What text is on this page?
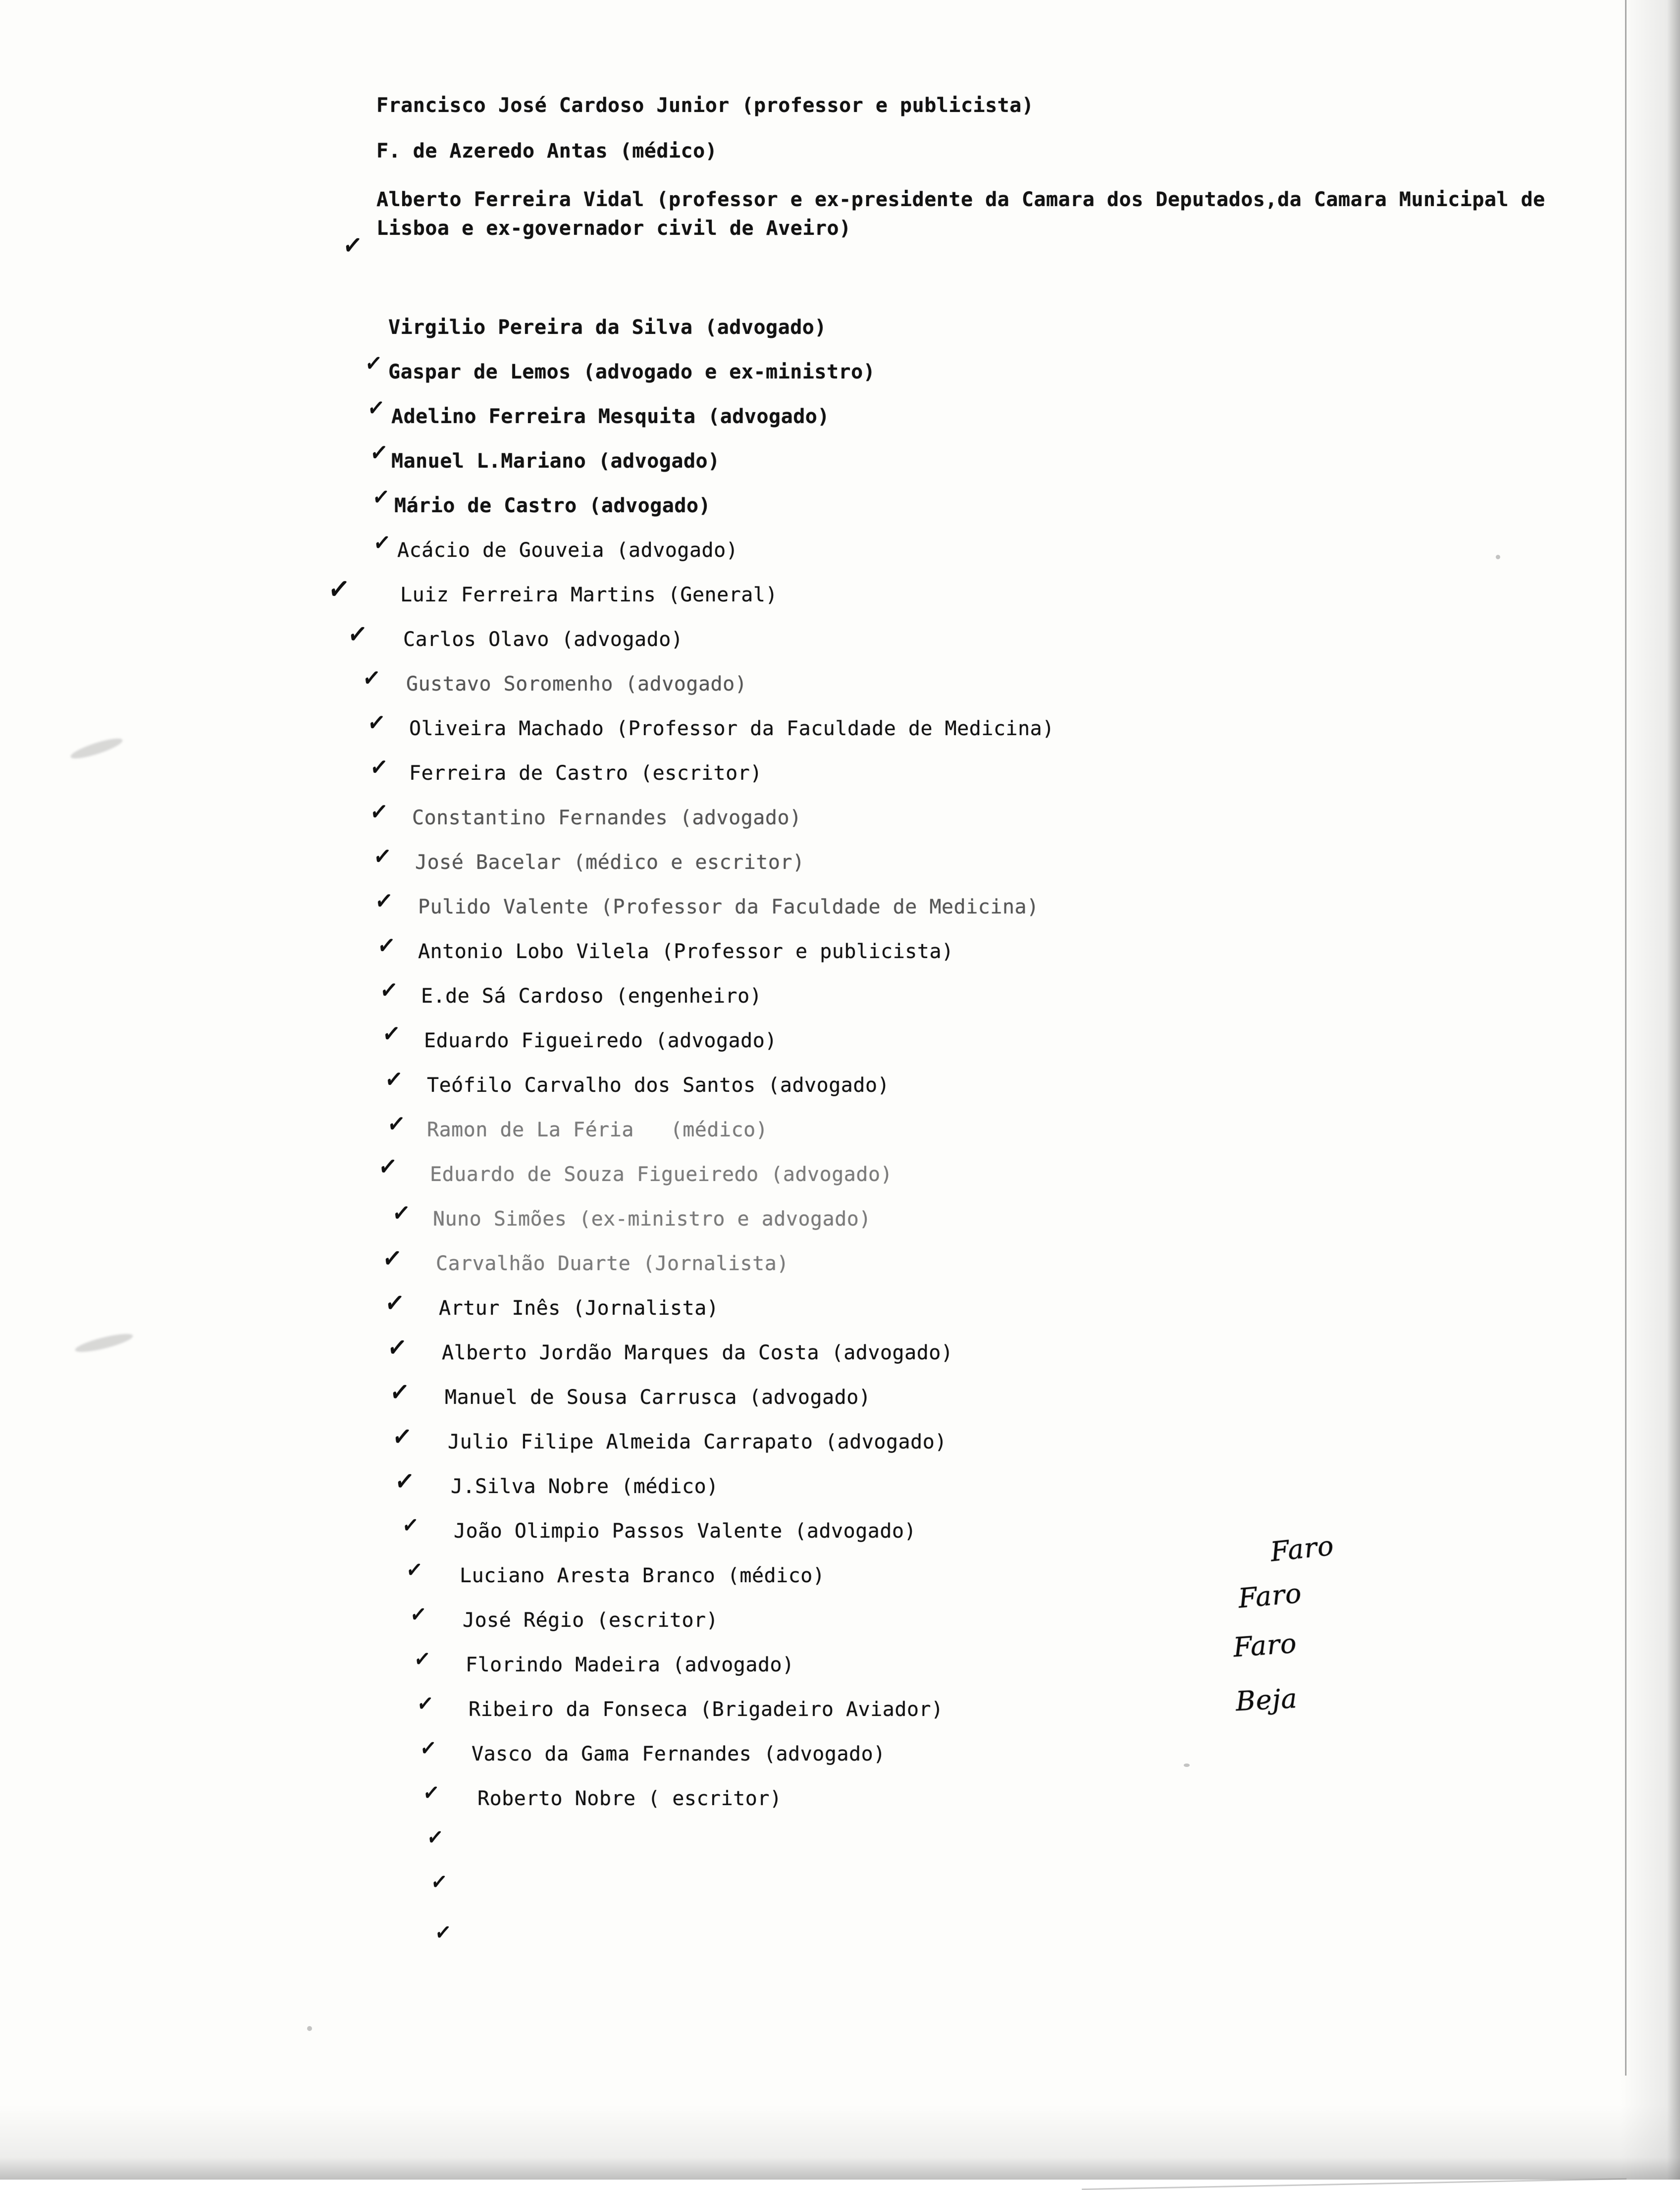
Francisco José Cardoso Junior (professor e publicista)
F. de Azeredo Antas (médico)
Alberto Ferreira Vidal (professor e ex-presidente da Camara dos Deputados,da Camara Municipal de Lisboa e ex-governador civil de Aveiro)
Virgilio Pereira da Silva (advogado)
Gaspar de Lemos (advogado e ex-ministro)
Adelino Ferreira Mesquita (advogado)
Manuel L.Mariano (advogado)
Mário de Castro (advogado)
Acácio de Gouveia (advogado)
Luiz Ferreira Martins (General)
Carlos Olavo (advogado)
Gustavo Soromenho (advogado)
Oliveira Machado (Professor da Faculdade de Medicina)
Ferreira de Castro (escritor)
Constantino Fernandes (advogado)
José Bacelar (médico e escritor)
Pulido Valente (Professor da Faculdade de Medicina)
Antonio Lobo Vilela (Professor e publicista)
E.de Sá Cardoso (engenheiro)
Eduardo Figueiredo (advogado)
Teófilo Carvalho dos Santos (advogado)
Ramon de La Féria   (médico)
Eduardo de Souza Figueiredo (advogado)
Nuno Simões (ex-ministro e advogado)
Carvalhão Duarte (Jornalista)
Artur Inês (Jornalista)
Alberto Jordão Marques da Costa (advogado)
Manuel de Sousa Carrusca (advogado)
Julio Filipe Almeida Carrapato (advogado)
J.Silva Nobre (médico)
João Olimpio Passos Valente (advogado)
Luciano Aresta Branco (médico)
José Régio (escritor)
Florindo Madeira (advogado)
Ribeiro da Fonseca (Brigadeiro Aviador)
Vasco da Gama Fernandes (advogado)
Roberto Nobre ( escritor)
✓
✓
✓
✓
✓
✓
✓
✓
✓
✓
✓
✓
✓
✓
✓
✓
✓
✓
✓
✓
✓
✓
✓
✓
✓
✓
✓
✓
✓
✓
✓
✓
✓
✓
✓
✓
✓
Faro
Faro
Faro
Beja
